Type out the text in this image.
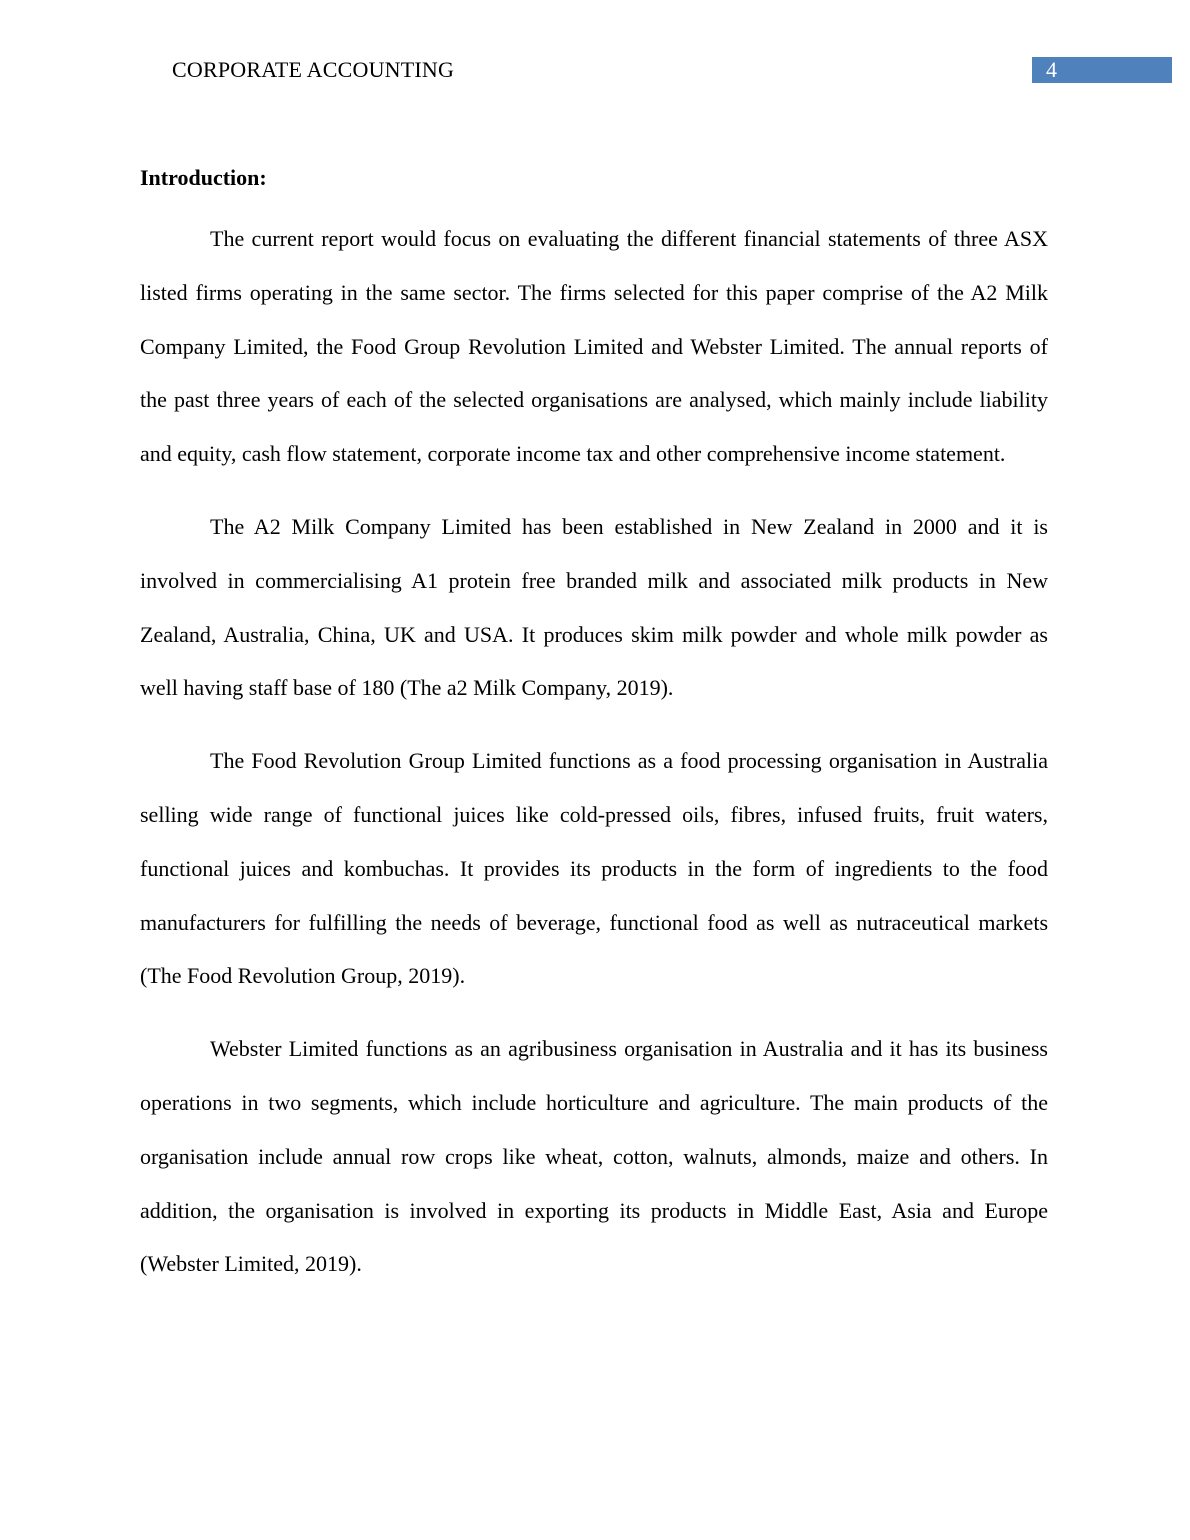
CORPORATE ACCOUNTING	4
Introduction:

The current report would focus on evaluating the different financial statements of three ASX listed firms operating in the same sector. The firms selected for this paper comprise of the A2 Milk Company Limited, the Food Group Revolution Limited and Webster Limited. The annual reports of the past three years of each of the selected organisations are analysed, which mainly include liability and equity, cash flow statement, corporate income tax and other comprehensive income statement.

The A2 Milk Company Limited has been established in New Zealand in 2000 and it is involved in commercialising A1 protein free branded milk and associated milk products in New Zealand, Australia, China, UK and USA. It produces skim milk powder and whole milk powder as well having staff base of 180 (The a2 Milk Company, 2019).

The Food Revolution Group Limited functions as a food processing organisation in Australia selling wide range of functional juices like cold-pressed oils, fibres, infused fruits, fruit waters, functional juices and kombuchas. It provides its products in the form of ingredients to the food manufacturers for fulfilling the needs of beverage, functional food as well as nutraceutical markets (The Food Revolution Group, 2019).

Webster Limited functions as an agribusiness organisation in Australia and it has its business operations in two segments, which include horticulture and agriculture. The main products of the organisation include annual row crops like wheat, cotton, walnuts, almonds, maize and others. In addition, the organisation is involved in exporting its products in Middle East, Asia and Europe (Webster Limited, 2019).
